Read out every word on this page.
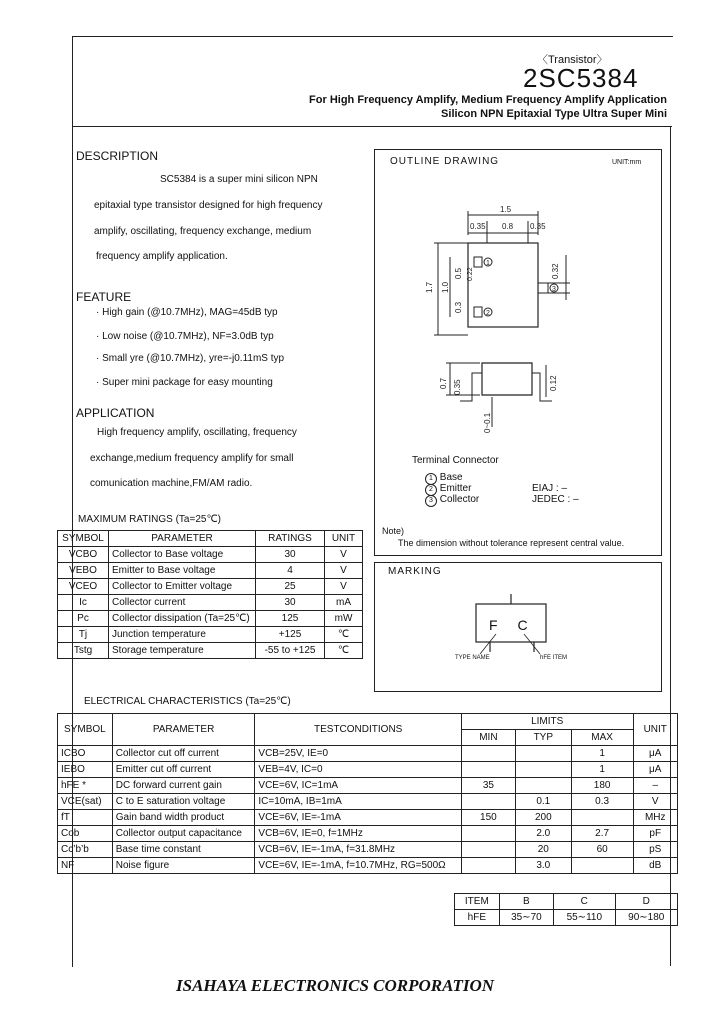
〈Transistor〉
2SC5384
For High Frequency Amplify, Medium Frequency Amplify Application
Silicon NPN Epitaxial Type Ultra Super Mini
DESCRIPTION
SC5384 is a super mini silicon NPN
epitaxial type transistor designed for high frequency
amplify, oscillating, frequency exchange, medium
frequency amplify application.
FEATURE
· High gain (@10.7MHz), MAG=45dB typ
· Low noise (@10.7MHz), NF=3.0dB typ
· Small yre (@10.7MHz), yre=-j0.11mS typ
· Super mini package for easy mounting
APPLICATION
High frequency amplify, oscillating, frequency
exchange,medium frequency amplify for small
comunication machine,FM/AM radio.
OUTLINE DRAWING	UNIT:mm
1
2
3
1.5
0.35 0.8 0.35
1.7 1.0
0.5 0.22
0.3
0.32
0.7 0.35	0.12
0~0.1
Terminal Connector
1 Base
2 Emitter
3 Collector
EIAJ : –
JEDEC : –
Note)
The dimension without tolerance represent central value.
MARKING
F C
TYPE NAME	hFE ITEM
MAXIMUM RATINGS (Ta=25℃)
SYMBOL	PARAMETER	RATINGS	UNIT
VCBO	Collector to Base voltage	30	V
VEBO	Emitter to Base voltage	4	V
VCEO	Collector to Emitter voltage	25	V
Ic	Collector current	30	mA
Pc	Collector dissipation (Ta=25℃)	125	mW
Tj	Junction temperature	+125	℃
Tstg	Storage temperature	-55 to +125	℃
ELECTRICAL CHARACTERISTICS (Ta=25℃)
SYMBOL	PARAMETER	TESTCONDITIONS	LIMITS			UNIT
			MIN	TYP	MAX	
ICBO	Collector cut off current	VCB=25V, IE=0			1	μA
IEBO	Emitter cut off current	VEB=4V, IC=0			1	μA
hFE *	DC forward current gain	VCE=6V, IC=1mA	35		180	–
VCE(sat)	C to E saturation voltage	IC=10mA, IB=1mA		0.1	0.3	V
fT	Gain band width product	VCE=6V, IE=-1mA	150	200		MHz
Cob	Collector output capacitance	VCB=6V, IE=0, f=1MHz		2.0	2.7	pF
Cc’b’b	Base time constant	VCB=6V, IE=-1mA, f=31.8MHz		20	60	pS
NF	Noise figure	VCE=6V, IE=-1mA, f=10.7MHz, RG=500Ω		3.0		dB
ITEM	B	C	D
hFE	35∼70	55∼110	90∼180
ISAHAYA ELECTRONICS CORPORATION
